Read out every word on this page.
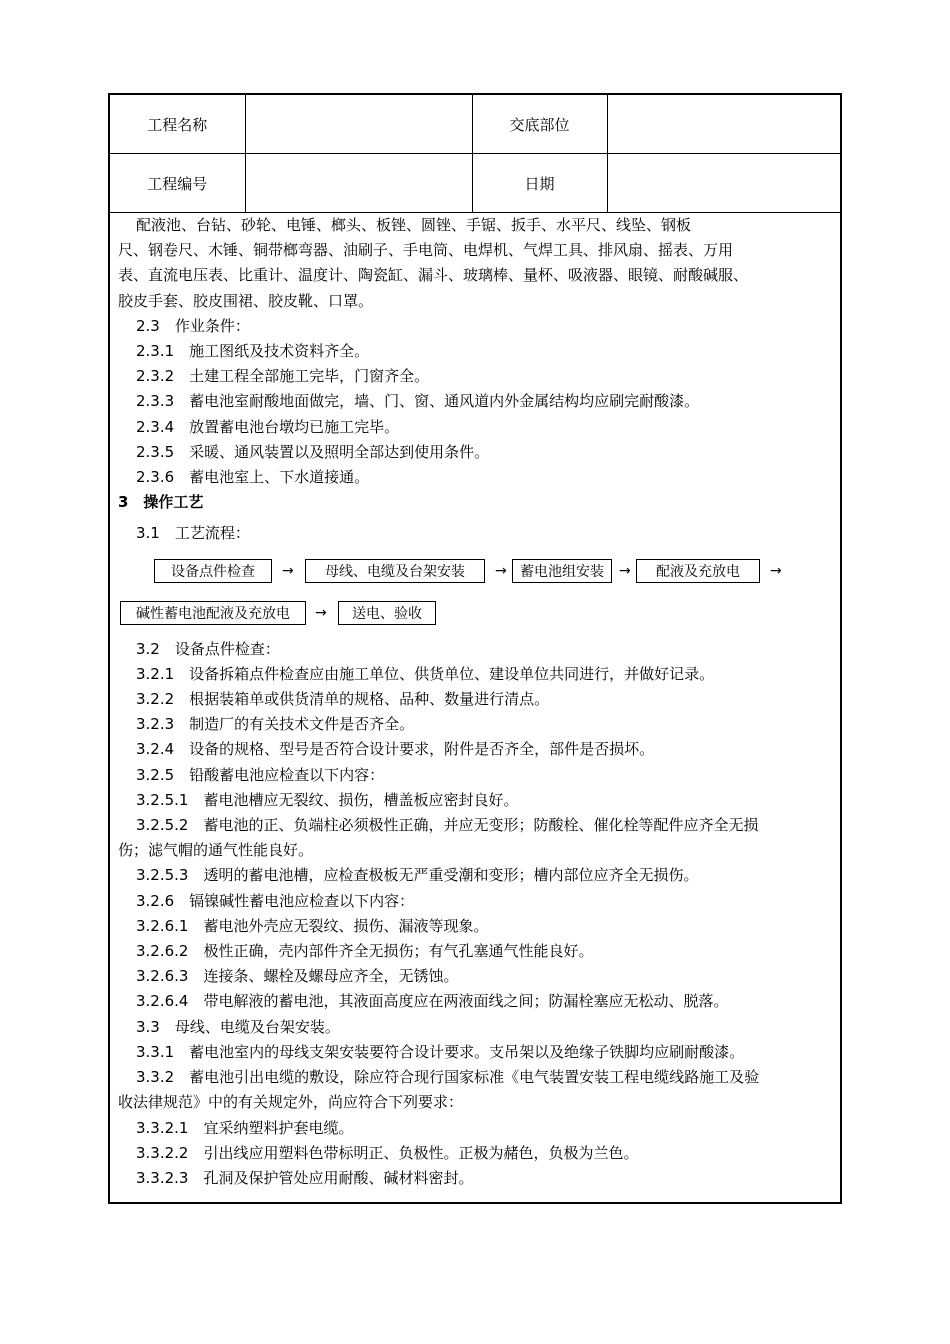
工程名称		交底部位	
工程编号		日期	

配液池、台钻、砂轮、电锤、榔头、板锉、圆锉、手锯、扳手、水平尺、线坠、钢板

尺、钢卷尺、木锤、铜带榔弯器、油刷子、手电筒、电焊机、气焊工具、排风扇、摇表、万用

表、直流电压表、比重计、温度计、陶瓷缸、漏斗、玻璃棒、量杯、吸液器、眼镜、耐酸碱服、

胶皮手套、胶皮围裙、胶皮靴、口罩。

2.3　作业条件：

2.3.1　施工图纸及技术资料齐全。

2.3.2　土建工程全部施工完毕，门窗齐全。

2.3.3　蓄电池室耐酸地面做完，墙、门、窗、通风道内外金属结构均应刷完耐酸漆。

2.3.4　放置蓄电池台墩均已施工完毕。

2.3.5　采暖、通风装置以及照明全部达到使用条件。

2.3.6　蓄电池室上、下水道接通。

3　操作工艺

3.1　工艺流程：

设备点件检查	→	母线、电缆及台架安装	→ 蓄电池组安装	→	配液及充放电	→
碱性蓄电池配液及充放电	→	送电、验收

3.2　设备点件检查：

3.2.1　设备拆箱点件检查应由施工单位、供货单位、建设单位共同进行，并做好记录。

3.2.2　根据装箱单或供货清单的规格、品种、数量进行清点。

3.2.3　制造厂的有关技术文件是否齐全。

3.2.4　设备的规格、型号是否符合设计要求，附件是否齐全，部件是否损坏。

3.2.5　铅酸蓄电池应检查以下内容：

3.2.5.1　蓄电池槽应无裂纹、损伤，槽盖板应密封良好。

3.2.5.2　蓄电池的正、负端柱必须极性正确，并应无变形；防酸栓、催化栓等配件应齐全无损

伤；滤气帽的通气性能良好。

3.2.5.3　透明的蓄电池槽，应检查极板无严重受潮和变形；槽内部位应齐全无损伤。

3.2.6　镉镍碱性蓄电池应检查以下内容：

3.2.6.1　蓄电池外壳应无裂纹、损伤、漏液等现象。

3.2.6.2　极性正确，壳内部件齐全无损伤；有气孔塞通气性能良好。

3.2.6.3　连接条、螺栓及螺母应齐全，无锈蚀。

3.2.6.4　带电解液的蓄电池，其液面高度应在两液面线之间；防漏栓塞应无松动、脱落。

3.3　母线、电缆及台架安装。

3.3.1　蓄电池室内的母线支架安装要符合设计要求。支吊架以及绝缘子铁脚均应刷耐酸漆。

3.3.2　蓄电池引出电缆的敷设，除应符合现行国家标准《电气装置安装工程电缆线路施工及验

收法律规范》中的有关规定外，尚应符合下列要求：

3.3.2.1　宜采纳塑料护套电缆。

3.3.2.2　引出线应用塑料色带标明正、负极性。正极为赭色，负极为兰色。

3.3.2.3　孔洞及保护管处应用耐酸、碱材料密封。
